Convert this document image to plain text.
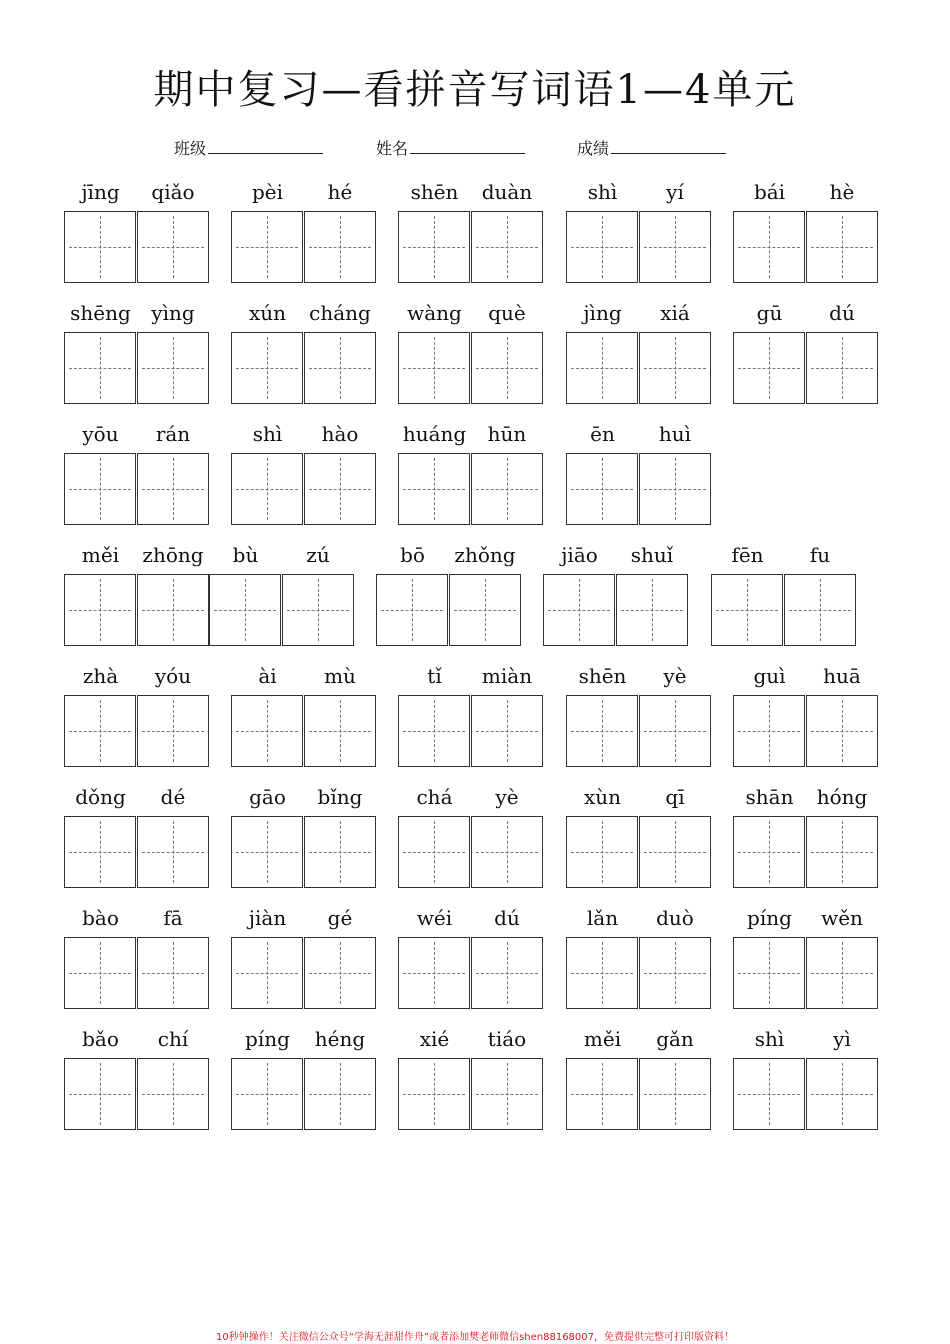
期中复习—看拼音写词语1—4单元
班级	姓名	成绩
jīng	qiǎo	pèi	hé	shēn	duàn	shì	yí	bái	hè
shēng	yìng	xún	cháng	wàng	què	jìng	xiá	gū	dú
yōu	rán	shì	hào	huáng	hūn	ēn	huì
měi	zhōng	bù	zú	bō	zhǒng	jiāo	shuǐ	fēn	fu
zhà	yóu	ài	mù	tǐ	miàn	shēn	yè	guì	huā
dǒng	dé	gāo	bǐng	chá	yè	xùn	qī	shān	hóng
bào	fā	jiàn	gé	wéi	dú	lǎn	duò	píng	wěn
bǎo	chí	píng	héng	xié	tiáo	měi	gǎn	shì	yì
10秒钟操作！关注微信公众号“学海无涯甜作舟”或者添加樊老师微信shen88168007，免费提供完整可打印版资料！
